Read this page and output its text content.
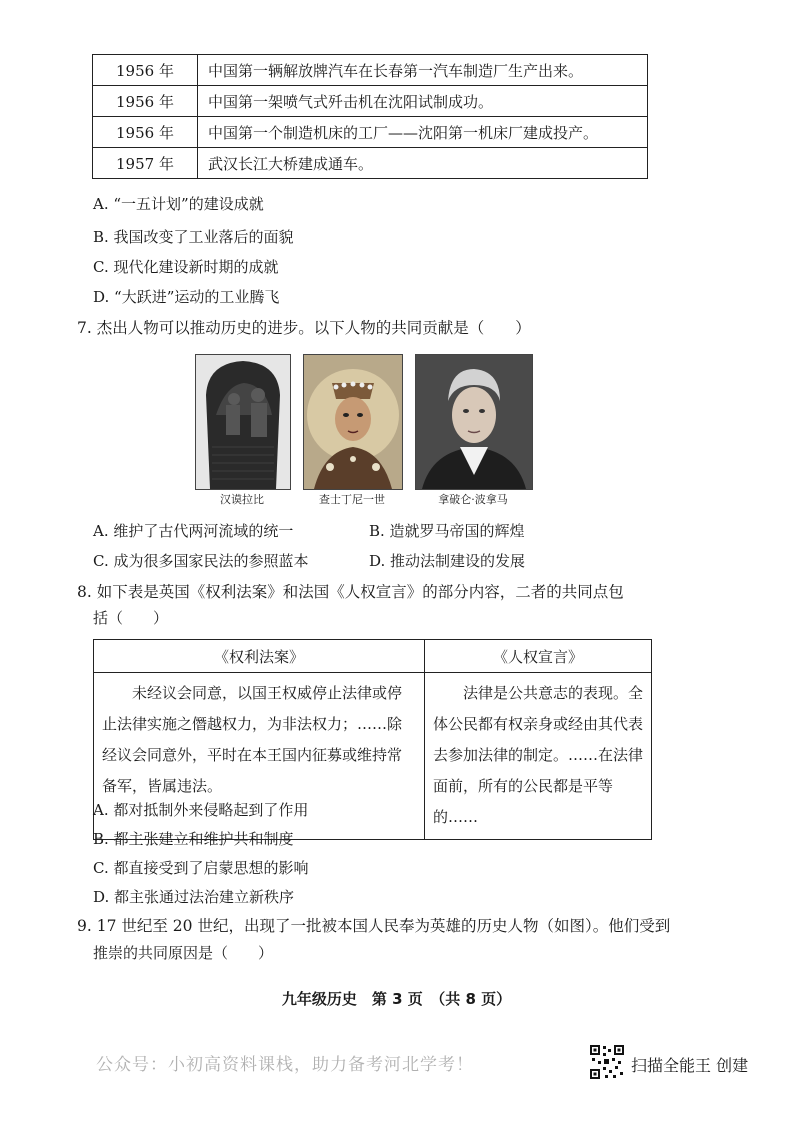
1956 年	中国第一辆解放牌汽车在长春第一汽车制造厂生产出来。
1956 年	中国第一架喷气式歼击机在沈阳试制成功。
1956 年	中国第一个制造机床的工厂——沈阳第一机床厂建成投产。
1957 年	武汉长江大桥建成通车。
A. “一五计划”的建设成就
B. 我国改变了工业落后的面貌
C. 现代化建设新时期的成就
D. “大跃进”运动的工业腾飞
7. 杰出人物可以推动历史的进步。以下人物的共同贡献是（　　）
汉谟拉比	查士丁尼一世	拿破仑·波拿马
A. 维护了古代两河流域的统一	B. 造就罗马帝国的辉煌
C. 成为很多国家民法的参照蓝本	D. 推动法制建设的发展
8. 如下表是英国《权利法案》和法国《人权宣言》的部分内容，二者的共同点包
括（　　）
《权利法案》	《人权宣言》
未经议会同意，以国王权威停止法律或停止法律实施之僭越权力，为非法权力；……除经议会同意外，平时在本王国内征募或维持常备军，皆属违法。	法律是公共意志的表现。全体公民都有权亲身或经由其代表去参加法律的制定。……在法律面前，所有的公民都是平等的……
A. 都对抵制外来侵略起到了作用
B. 都主张建立和维护共和制度
C. 都直接受到了启蒙思想的影响
D. 都主张通过法治建立新秩序
9. 17 世纪至 20 世纪，出现了一批被本国人民奉为英雄的历史人物（如图）。他们受到
推崇的共同原因是（　　）
九年级历史　第 3 页　（共 8 页）
公众号：小初高资料课栈，助力备考河北学考！	扫描全能王 创建
